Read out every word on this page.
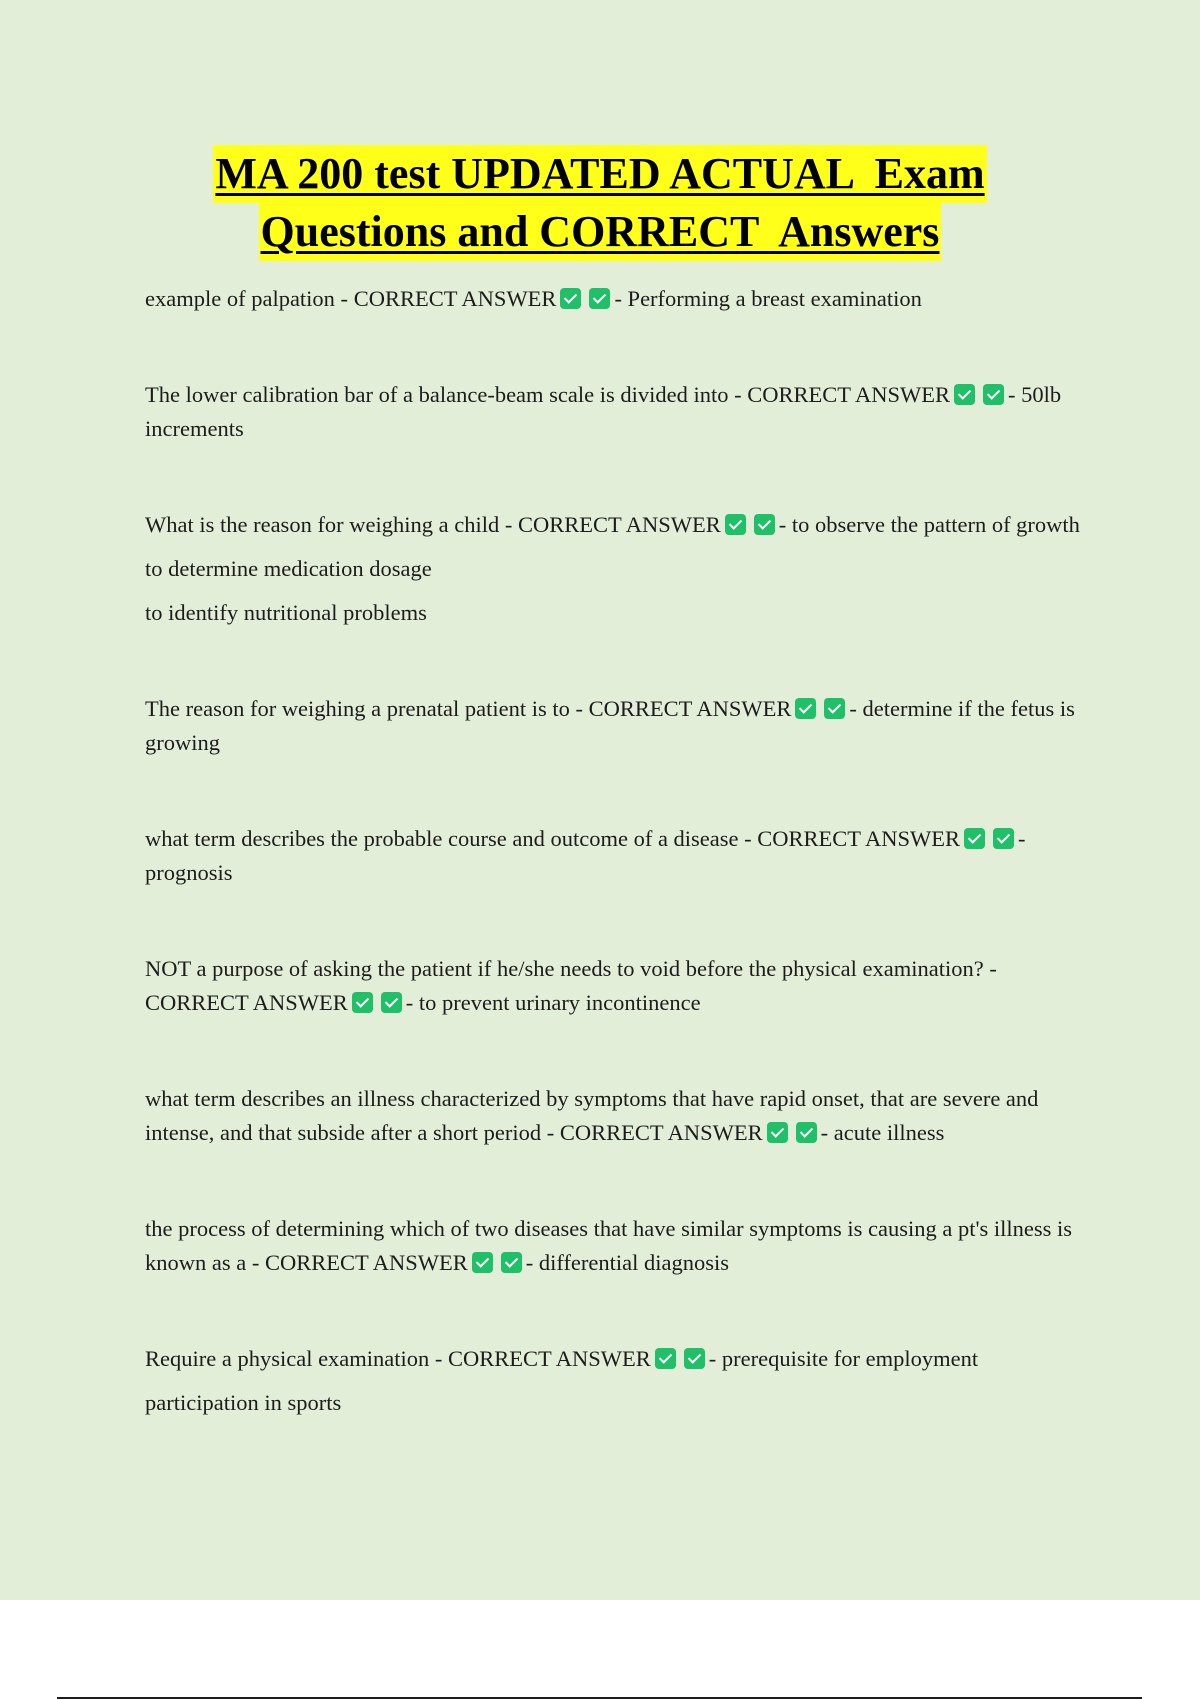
MA 200 test UPDATED ACTUAL  Exam
Questions and CORRECT  Answers

example of palpation - CORRECT ANSWER	- Performing a breast examination

The lower calibration bar of a balance-beam scale is divided into - CORRECT ANSWER	- 50lb increments

What is the reason for weighing a child - CORRECT ANSWER	- to observe the pattern of growth

to determine medication dosage

to identify nutritional problems

The reason for weighing a prenatal patient is to - CORRECT ANSWER	- determine if the fetus is growing

what term describes the probable course and outcome of a disease - CORRECT ANSWER	- prognosis

NOT a purpose of asking the patient if he/she needs to void before the physical examination? - CORRECT ANSWER	- to prevent urinary incontinence

what term describes an illness characterized by symptoms that have rapid onset, that are severe and intense, and that subside after a short period - CORRECT ANSWER	- acute illness

the process of determining which of two diseases that have similar symptoms is causing a pt's illness is known as a - CORRECT ANSWER	- differential diagnosis

Require a physical examination - CORRECT ANSWER	- prerequisite for employment

participation in sports
